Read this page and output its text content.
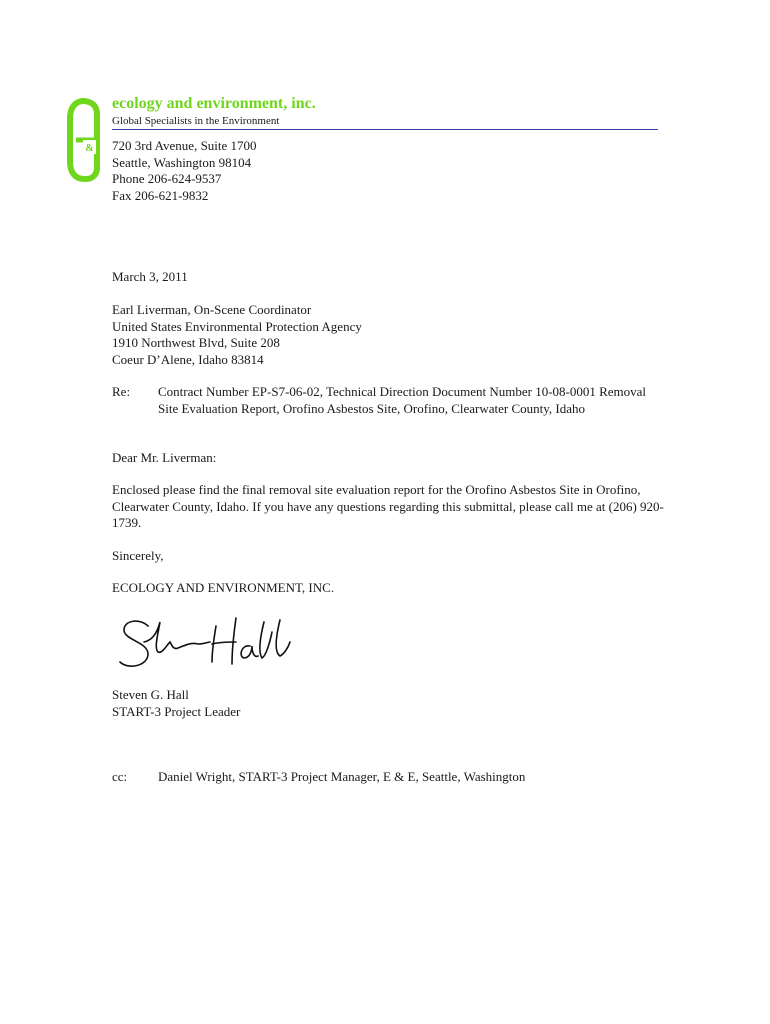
&
ecology and environment, inc.
Global Specialists in the Environment
720 3rd Avenue, Suite 1700
Seattle, Washington 98104
Phone 206-624-9537
Fax 206-621-9832
March 3, 2011
Earl Liverman, On-Scene Coordinator
United States Environmental Protection Agency
1910 Northwest Blvd, Suite 208
Coeur D’Alene, Idaho 83814
Re: Contract Number EP-S7-06-02, Technical Direction Document Number 10-08-0001 Removal Site Evaluation Report, Orofino Asbestos Site, Orofino, Clearwater County, Idaho
Dear Mr. Liverman:
Enclosed please find the final removal site evaluation report for the Orofino Asbestos Site in Orofino, Clearwater County, Idaho. If you have any questions regarding this submittal, please call me at (206) 920-1739.
Sincerely,
ECOLOGY AND ENVIRONMENT, INC.
Steven G. Hall
START-3 Project Leader
cc: Daniel Wright, START-3 Project Manager, E & E, Seattle, Washington
